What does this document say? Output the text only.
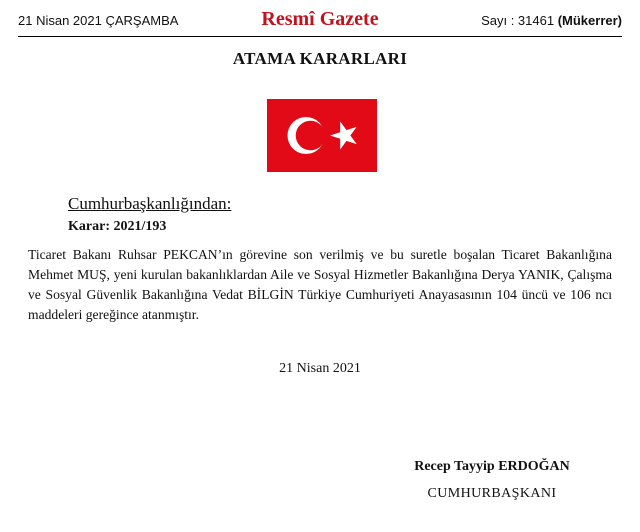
21 Nisan 2021 ÇARŞAMBA	Resmî Gazete	Sayı : 31461 (Mükerrer)
ATAMA KARARLARI
Cumhurbaşkanlığından:
Karar: 2021/193
Ticaret Bakanı Ruhsar PEKCAN’ın görevine son verilmiş ve bu suretle boşalan Ticaret Bakanlığına Mehmet MUŞ, yeni kurulan bakanlıklardan Aile ve Sosyal Hizmetler Bakanlığına Derya YANIK, Çalışma ve Sosyal Güvenlik Bakanlığına Vedat BİLGİN Türkiye Cumhuriyeti Anayasasının 104 üncü ve 106 ncı maddeleri gereğince atanmıştır.
21 Nisan 2021
Recep Tayyip ERDOĞAN
CUMHURBAŞKANI
